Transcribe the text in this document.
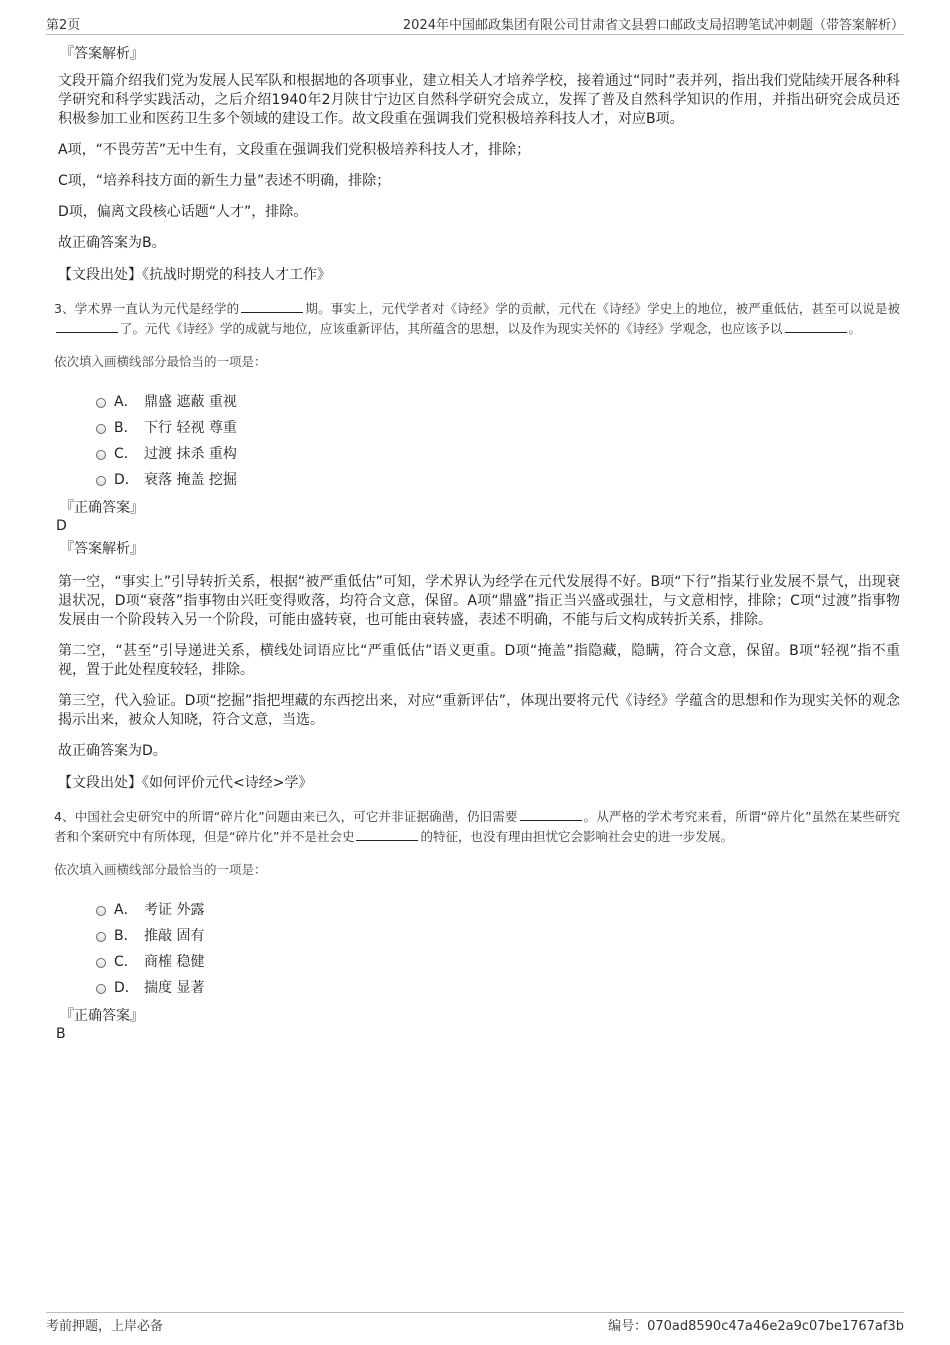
第2页	2024年中国邮政集团有限公司甘肃省文县碧口邮政支局招聘笔试冲刺题（带答案解析）
『答案解析』

文段开篇介绍我们党为发展人民军队和根据地的各项事业，建立相关人才培养学校，接着通过“同时”表并列，指出我们党陆续开展各种科学研究和科学实践活动，之后介绍1940年2月陕甘宁边区自然科学研究会成立，发挥了普及自然科学知识的作用，并指出研究会成员还积极参加工业和医药卫生多个领域的建设工作。故文段重在强调我们党积极培养科技人才，对应B项。

A项，“不畏劳苦”无中生有，文段重在强调我们党积极培养科技人才，排除；

C项，“培养科技方面的新生力量”表述不明确，排除；

D项，偏离文段核心话题“人才”，排除。

故正确答案为B。

【文段出处】《抗战时期党的科技人才工作》

3、学术界一直认为元代是经学的	期。事实上，元代学者对《诗经》学的贡献，元代在《诗经》学史上的地位，被严重低估，甚至可以说是被了。元代《诗经》学的成就与地位，应该重新评估，其所蕴含的思想，以及作为现实关怀的《诗经》学观念，也应该予以	。

依次填入画横线部分最恰当的一项是：

A． 鼎盛 遮蔽 重视
B． 下行 轻视 尊重
C． 过渡 抹杀 重构
D． 衰落 掩盖 挖掘
『正确答案』
D
『答案解析』

第一空，“事实上”引导转折关系，根据“被严重低估”可知，学术界认为经学在元代发展得不好。B项“下行”指某行业发展不景气，出现衰退状况，D项“衰落”指事物由兴旺变得败落，均符合文意，保留。A项“鼎盛”指正当兴盛或强壮，与文意相悖，排除；C项“过渡”指事物发展由一个阶段转入另一个阶段，可能由盛转衰，也可能由衰转盛，表述不明确，不能与后文构成转折关系，排除。

第二空，“甚至”引导递进关系，横线处词语应比“严重低估”语义更重。D项“掩盖”指隐藏，隐瞒，符合文意，保留。B项“轻视”指不重视，置于此处程度较轻，排除。

第三空，代入验证。D项“挖掘”指把埋藏的东西挖出来，对应“重新评估”，体现出要将元代《诗经》学蕴含的思想和作为现实关怀的观念揭示出来，被众人知晓，符合文意，当选。

故正确答案为D。

【文段出处】《如何评价元代<诗经>学》

4、中国社会史研究中的所谓“碎片化”问题由来已久，可它并非证据确凿，仍旧需要	。从严格的学术考究来看，所谓“碎片化”虽然在某些研究者和个案研究中有所体现，但是“碎片化”并不是社会史	的特征，也没有理由担忧它会影响社会史的进一步发展。

依次填入画横线部分最恰当的一项是：

A． 考证 外露
B． 推敲 固有
C． 商榷 稳健
D． 揣度 显著
『正确答案』
B
考前押题，上岸必备	编号：070ad8590c47a46e2a9c07be1767af3b
